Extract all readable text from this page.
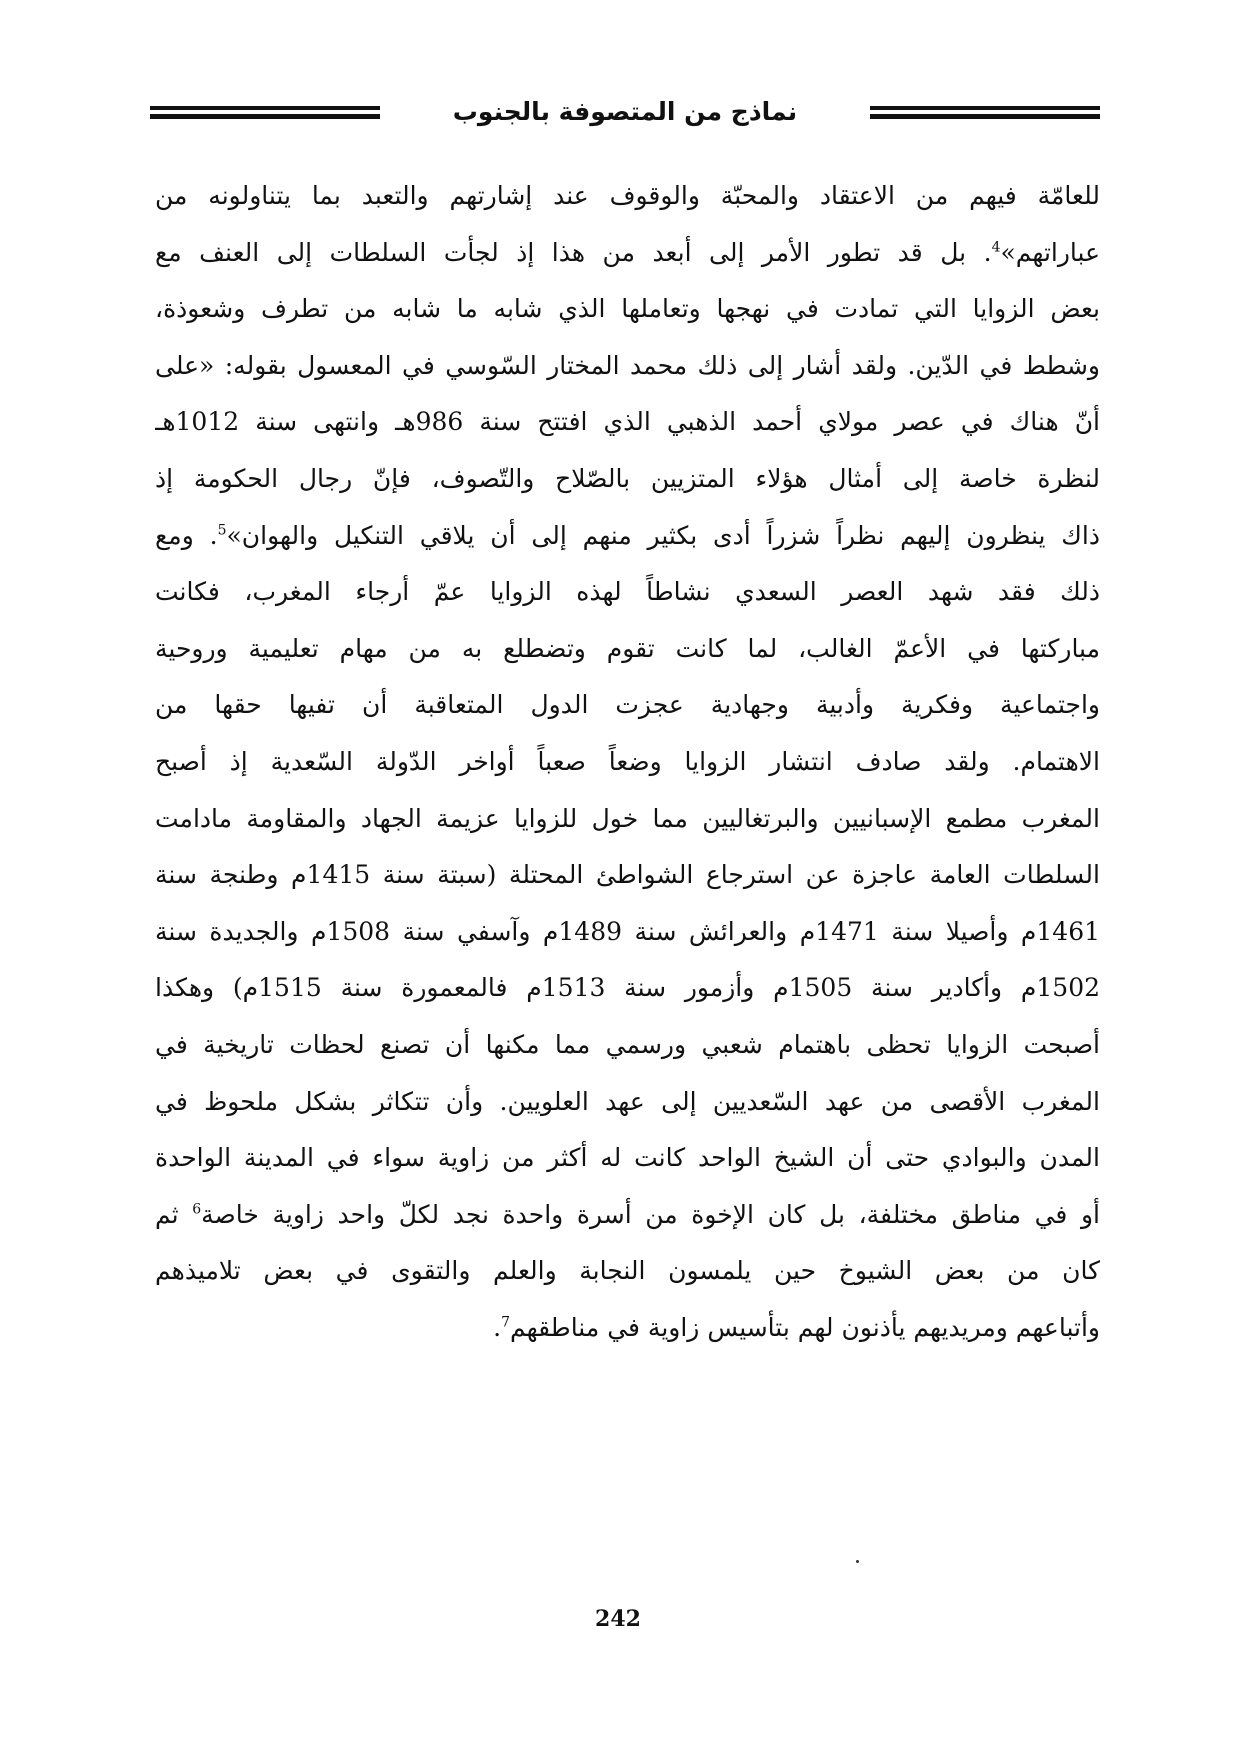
نماذج من المتصوفة بالجنوب
للعامّة فيهم من الاعتقاد والمحبّة والوقوف عند إشارتهم والتعبد بما يتناولونه من
عباراتهم»$^4$. بل قد تطور الأمر إلى أبعد من هذا إذ لجأت السلطات إلى العنف مع
بعض الزوايا التي تمادت في نهجها وتعاملها الذي شابه ما شابه من تطرف وشعوذة،
وشطط في الدّين. ولقد أشار إلى ذلك محمد المختار السّوسي في المعسول بقوله: «على
أنّ هناك في عصر مولاي أحمد الذهبي الذي افتتح سنة 986هـ وانتهى سنة 1012هـ
لنظرة خاصة إلى أمثال هؤلاء المتزيين بالصّلاح والتّصوف، فإنّ رجال الحكومة إذ
ذاك ينظرون إليهم نظراً شزراً أدى بكثير منهم إلى أن يلاقي التنكيل والهوان»$^5$. ومع
ذلك فقد شهد العصر السعدي نشاطاً لهذه الزوايا عمّ أرجاء المغرب، فكانت
مباركتها في الأعمّ الغالب، لما كانت تقوم وتضطلع به من مهام تعليمية وروحية
واجتماعية وفكرية وأدبية وجهادية عجزت الدول المتعاقبة أن تفيها حقها من
الاهتمام. ولقد صادف انتشار الزوايا وضعاً صعباً أواخر الدّولة السّعدية إذ أصبح
المغرب مطمع الإسبانيين والبرتغاليين مما خول للزوايا عزيمة الجهاد والمقاومة مادامت
السلطات العامة عاجزة عن استرجاع الشواطئ المحتلة (سبتة سنة 1415م وطنجة سنة
1461م وأصيلا سنة 1471م والعرائش سنة 1489م وآسفي سنة 1508م والجديدة سنة
1502م وأكادير سنة 1505م وأزمور سنة 1513م فالمعمورة سنة 1515م) وهكذا
أصبحت الزوايا تحظى باهتمام شعبي ورسمي مما مكنها أن تصنع لحظات تاريخية في
المغرب الأقصى من عهد السّعديين إلى عهد العلويين. وأن تتكاثر بشكل ملحوظ في
المدن والبوادي حتى أن الشيخ الواحد كانت له أكثر من زاوية سواء في المدينة الواحدة
أو في مناطق مختلفة، بل كان الإخوة من أسرة واحدة نجد لكلّ واحد زاوية خاصة$^6$ ثم
كان من بعض الشيوخ حين يلمسون النجابة والعلم والتقوى في بعض تلاميذهم
وأتباعهم ومريديهم يأذنون لهم بتأسيس زاوية في مناطقهم$^7$.
242
